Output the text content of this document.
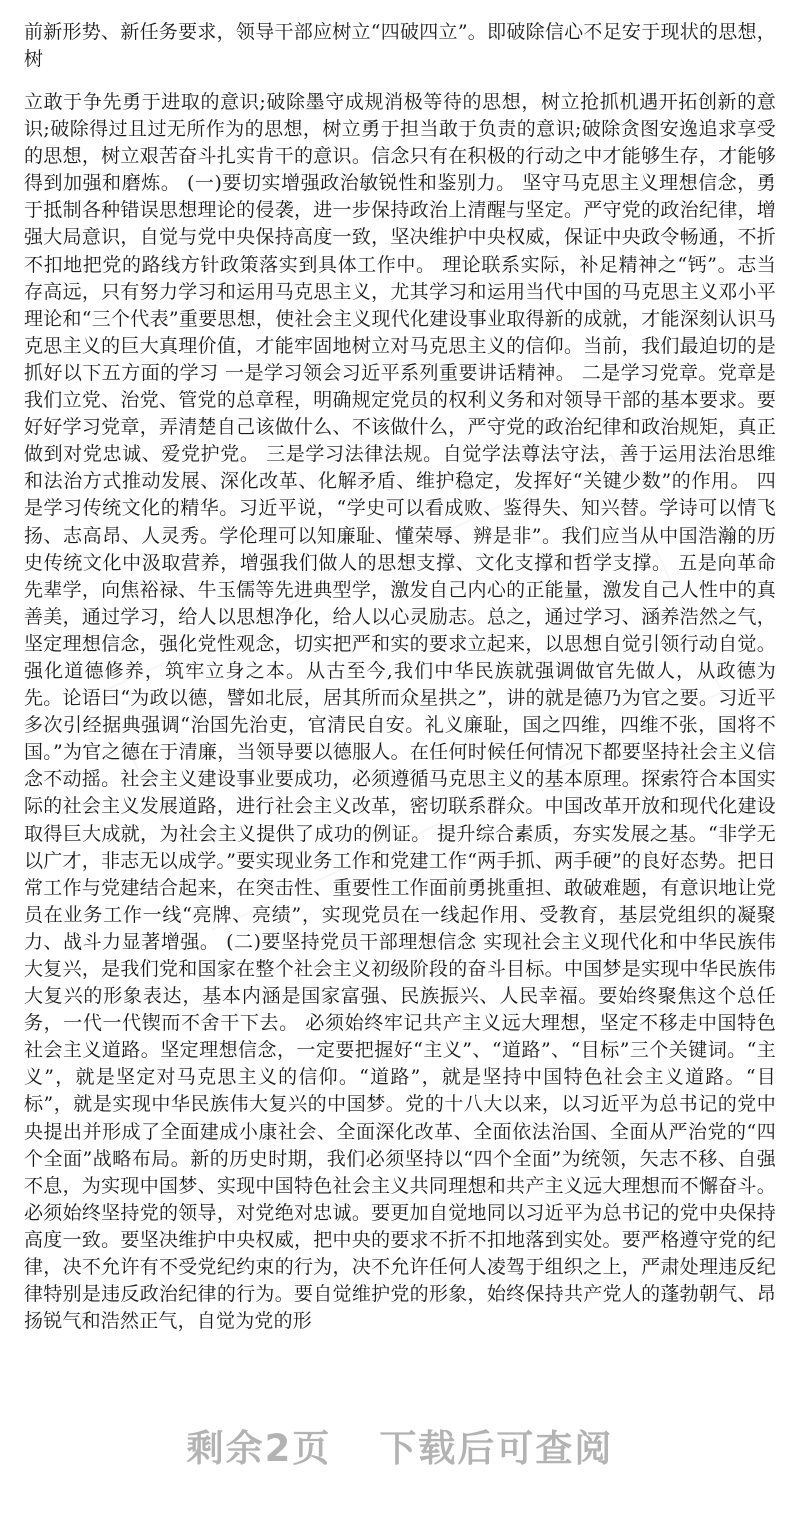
前新形势、新任务要求，领导干部应树立“四破四立”。即破除信心不足安于现状的思想，树

立敢于争先勇于进取的意识;破除墨守成规消极等待的思想，树立抢抓机遇开拓创新的意识;破除得过且过无所作为的思想，树立勇于担当敢于负责的意识;破除贪图安逸追求享受的思想，树立艰苦奋斗扎实肯干的意识。信念只有在积极的行动之中才能够生存，才能够得到加强和磨炼。 (一)要切实增强政治敏锐性和鉴别力。 坚守马克思主义理想信念，勇于抵制各种错误思想理论的侵袭，进一步保持政治上清醒与坚定。严守党的政治纪律，增强大局意识，自觉与党中央保持高度一致，坚决维护中央权威，保证中央政令畅通，不折不扣地把党的路线方针政策落实到具体工作中。 理论联系实际，补足精神之“钙”。志当存高远，只有努力学习和运用马克思主义，尤其学习和运用当代中国的马克思主义邓小平理论和“三个代表”重要思想，使社会主义现代化建设事业取得新的成就，才能深刻认识马克思主义的巨大真理价值，才能牢固地树立对马克思主义的信仰。当前，我们最迫切的是抓好以下五方面的学习 一是学习领会习近平系列重要讲话精神。 二是学习党章。党章是我们立党、治党、管党的总章程，明确规定党员的权利义务和对领导干部的基本要求。要好好学习党章，弄清楚自己该做什么、不该做什么，严守党的政治纪律和政治规矩，真正做到对党忠诚、爱党护党。 三是学习法律法规。自觉学法尊法守法，善于运用法治思维和法治方式推动发展、深化改革、化解矛盾、维护稳定，发挥好“关键少数”的作用。 四是学习传统文化的精华。习近平说，“学史可以看成败、鉴得失、知兴替。学诗可以情飞扬、志高昂、人灵秀。学伦理可以知廉耻、懂荣辱、辨是非”。我们应当从中国浩瀚的历史传统文化中汲取营养，增强我们做人的思想支撑、文化支撑和哲学支撑。 五是向革命先辈学，向焦裕禄、牛玉儒等先进典型学，激发自己内心的正能量，激发自己人性中的真善美，通过学习，给人以思想净化，给人以心灵励志。总之，通过学习、涵养浩然之气，坚定理想信念，强化党性观念，切实把严和实的要求立起来，以思想自觉引领行动自觉。 强化道德修养，筑牢立身之本。从古至今,我们中华民族就强调做官先做人，从政德为先。论语曰“为政以德，譬如北辰，居其所而众星拱之”，讲的就是德乃为官之要。习近平多次引经据典强调“治国先治吏，官清民自安。礼义廉耻，国之四维，四维不张，国将不国。”为官之德在于清廉，当领导要以德服人。在任何时候任何情况下都要坚持社会主义信念不动摇。社会主义建设事业要成功，必须遵循马克思主义的基本原理。探索符合本国实际的社会主义发展道路，进行社会主义改革，密切联系群众。中国改革开放和现代化建设取得巨大成就，为社会主义提供了成功的例证。 提升综合素质，夯实发展之基。“非学无以广才，非志无以成学。”要实现业务工作和党建工作“两手抓、两手硬”的良好态势。把日常工作与党建结合起来，在突击性、重要性工作面前勇挑重担、敢破难题，有意识地让党员在业务工作一线“亮牌、亮绩”，实现党员在一线起作用、受教育，基层党组织的凝聚力、战斗力显著增强。 (二)要坚持党员干部理想信念 实现社会主义现代化和中华民族伟大复兴，是我们党和国家在整个社会主义初级阶段的奋斗目标。中国梦是实现中华民族伟大复兴的形象表达，基本内涵是国家富强、民族振兴、人民幸福。要始终聚焦这个总任务，一代一代锲而不舍干下去。 必须始终牢记共产主义远大理想，坚定不移走中国特色社会主义道路。坚定理想信念，一定要把握好“主义”、“道路”、“目标”三个关键词。“主义”，就是坚定对马克思主义的信仰。“道路”，就是坚持中国特色社会主义道路。“目标”，就是实现中华民族伟大复兴的中国梦。党的十八大以来，以习近平为总书记的党中央提出并形成了全面建成小康社会、全面深化改革、全面依法治国、全面从严治党的“四个全面”战略布局。新的历史时期，我们必须坚持以“四个全面”为统领，矢志不移、自强不息，为实现中国梦、实现中国特色社会主义共同理想和共产主义远大理想而不懈奋斗。 必须始终坚持党的领导，对党绝对忠诚。要更加自觉地同以习近平为总书记的党中央保持高度一致。要坚决维护中央权威，把中央的要求不折不扣地落到实处。要严格遵守党的纪律，决不允许有不受党纪约束的行为，决不允许任何人凌驾于组织之上，严肃处理违反纪律特别是违反政治纪律的行为。要自觉维护党的形象，始终保持共产党人的蓬勃朝气、昂扬锐气和浩然正气，自觉为党的形

剩余2页 下载后可查阅
